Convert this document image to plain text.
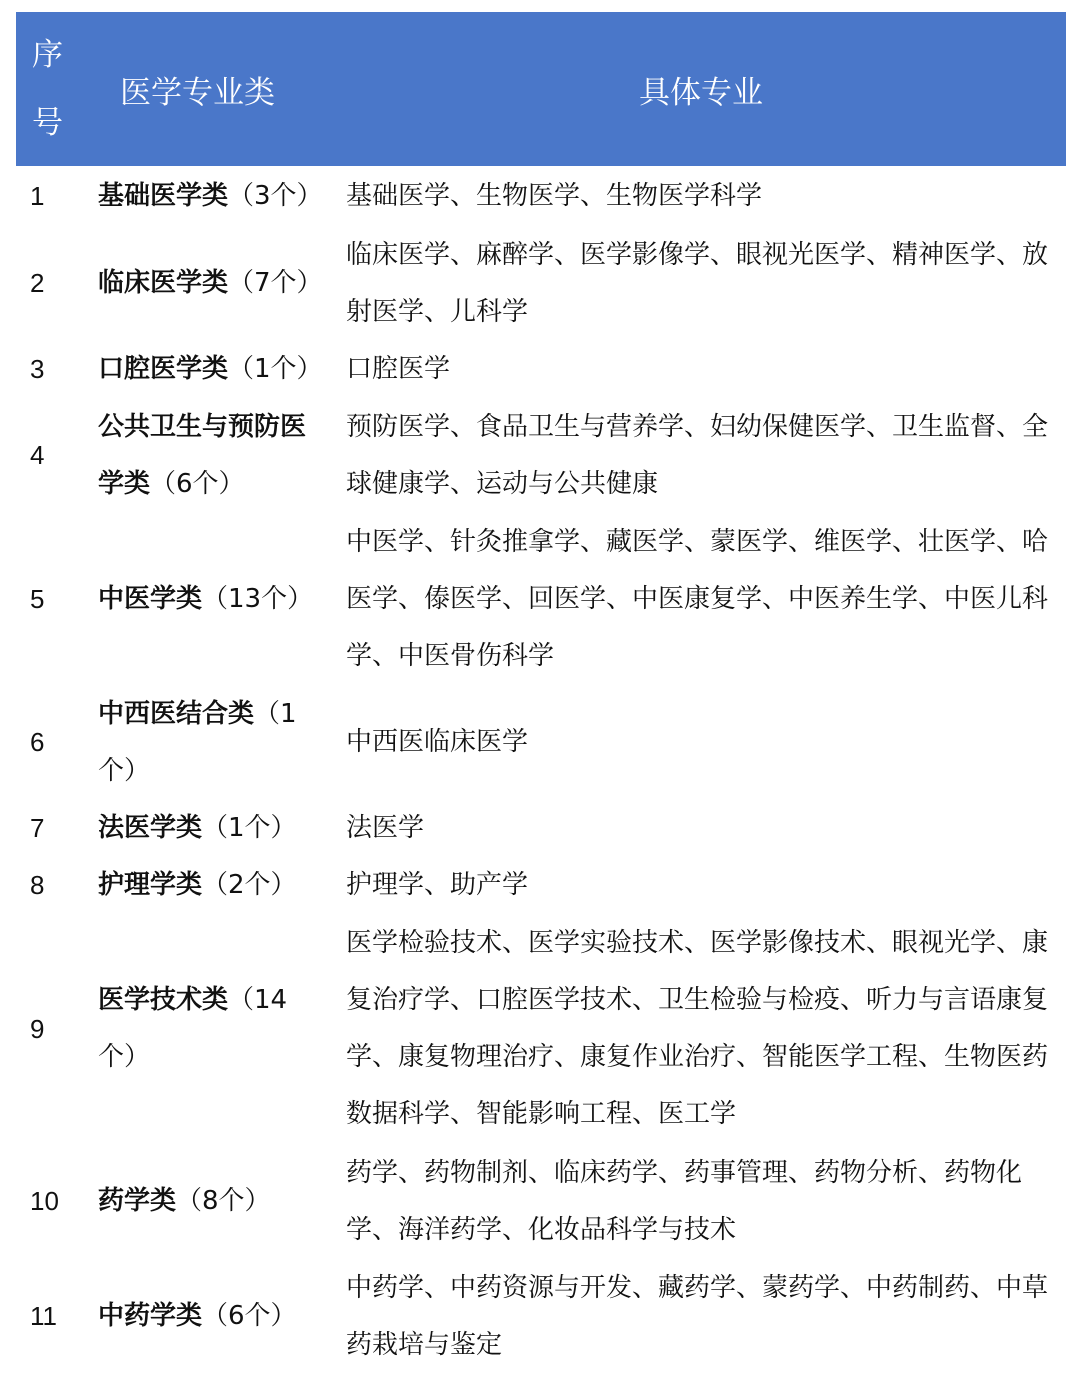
序号	医学专业类	具体专业
1	基础医学类（3个）	基础医学、生物医学、生物医学科学
2	临床医学类（7个）	临床医学、麻醉学、医学影像学、眼视光医学、精神医学、放射医学、儿科学
3	口腔医学类（1个）	口腔医学
4	公共卫生与预防医学类（6个）	预防医学、食品卫生与营养学、妇幼保健医学、卫生监督、全球健康学、运动与公共健康
5	中医学类（13个）	中医学、针灸推拿学、藏医学、蒙医学、维医学、壮医学、哈医学、傣医学、回医学、中医康复学、中医养生学、中医儿科学、中医骨伤科学
6	中西医结合类（1个）	中西医临床医学
7	法医学类（1个）	法医学
8	护理学类（2个）	护理学、助产学
9	医学技术类（14个）	医学检验技术、医学实验技术、医学影像技术、眼视光学、康复治疗学、口腔医学技术、卫生检验与检疫、听力与言语康复学、康复物理治疗、康复作业治疗、智能医学工程、生物医药数据科学、智能影响工程、医工学
10	药学类（8个）	药学、药物制剂、临床药学、药事管理、药物分析、药物化学、海洋药学、化妆品科学与技术
11	中药学类（6个）	中药学、中药资源与开发、藏药学、蒙药学、中药制药、中草药栽培与鉴定
